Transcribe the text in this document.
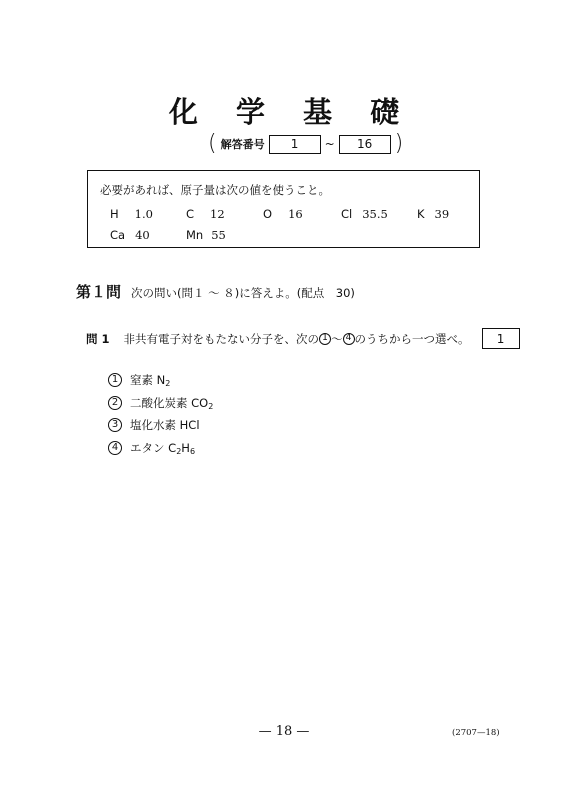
化 学 基 礎
( 解答番号	1	~	16	)
必要があれば、原子量は次の値を使うこと。
H 1.0	C 12	O 16	Cl 35.5	K 39
Ca 40	Mn 55
第１問 次の問い(問１ ～ ８)に答えよ。(配点　30)
問 1 非共有電子対をもたない分子を、次の 1 ～ 4 のうちから一つ選べ。	1
1	窒素 $N_2$
2	二酸化炭素 $CO_2$
3	塩化水素 HCl
4	エタン $C_2H_6$
— 18 —	(2707—18)
